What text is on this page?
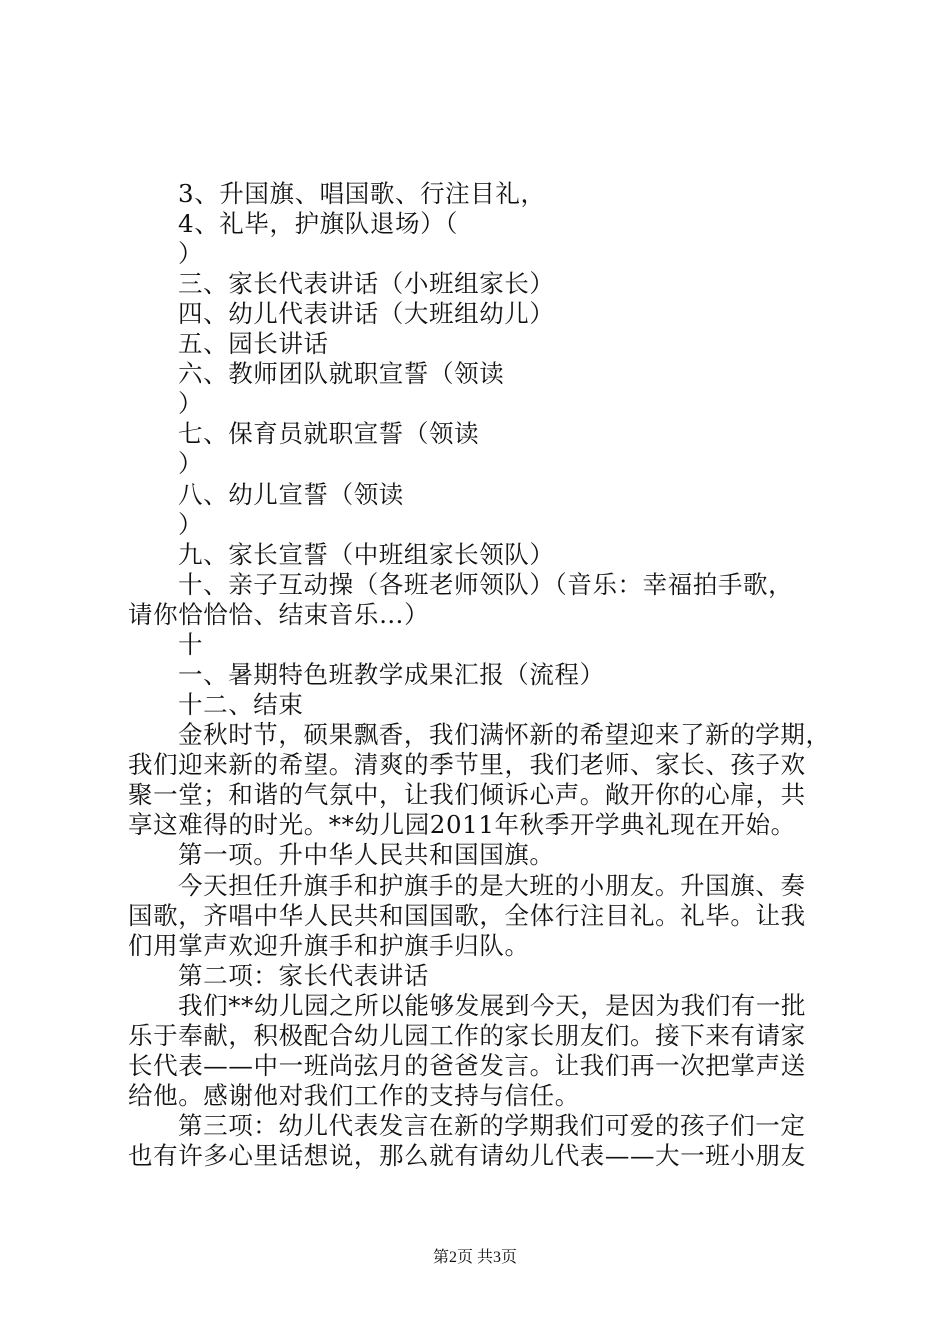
3、升国旗、唱国歌、行注目礼，
4、礼毕，护旗队退场）（
）
三、家长代表讲话（小班组家长）
四、幼儿代表讲话（大班组幼儿）
五、园长讲话
六、教师团队就职宣誓（领读
）
七、保育员就职宣誓（领读
）
八、幼儿宣誓（领读
）
九、家长宣誓（中班组家长领队）
十、亲子互动操（各班老师领队）（音乐：幸福拍手歌，
请你恰恰恰、结束音乐…）
十
一、暑期特色班教学成果汇报（流程）
十二、结束
金秋时节，硕果飘香，我们满怀新的希望迎来了新的学期，
我们迎来新的希望。清爽的季节里，我们老师、家长、孩子欢
聚一堂；和谐的气氛中，让我们倾诉心声。敞开你的心扉，共
享这难得的时光。**幼儿园2011年秋季开学典礼现在开始。
第一项。升中华人民共和国国旗。
今天担任升旗手和护旗手的是大班的小朋友。升国旗、奏
国歌，齐唱中华人民共和国国歌，全体行注目礼。礼毕。让我
们用掌声欢迎升旗手和护旗手归队。
第二项：家长代表讲话
我们**幼儿园之所以能够发展到今天，是因为我们有一批
乐于奉献，积极配合幼儿园工作的家长朋友们。接下来有请家
长代表——中一班尚弦月的爸爸发言。让我们再一次把掌声送
给他。感谢他对我们工作的支持与信任。
第三项：幼儿代表发言在新的学期我们可爱的孩子们一定
也有许多心里话想说，那么就有请幼儿代表——大一班小朋友
第2页 共3页
